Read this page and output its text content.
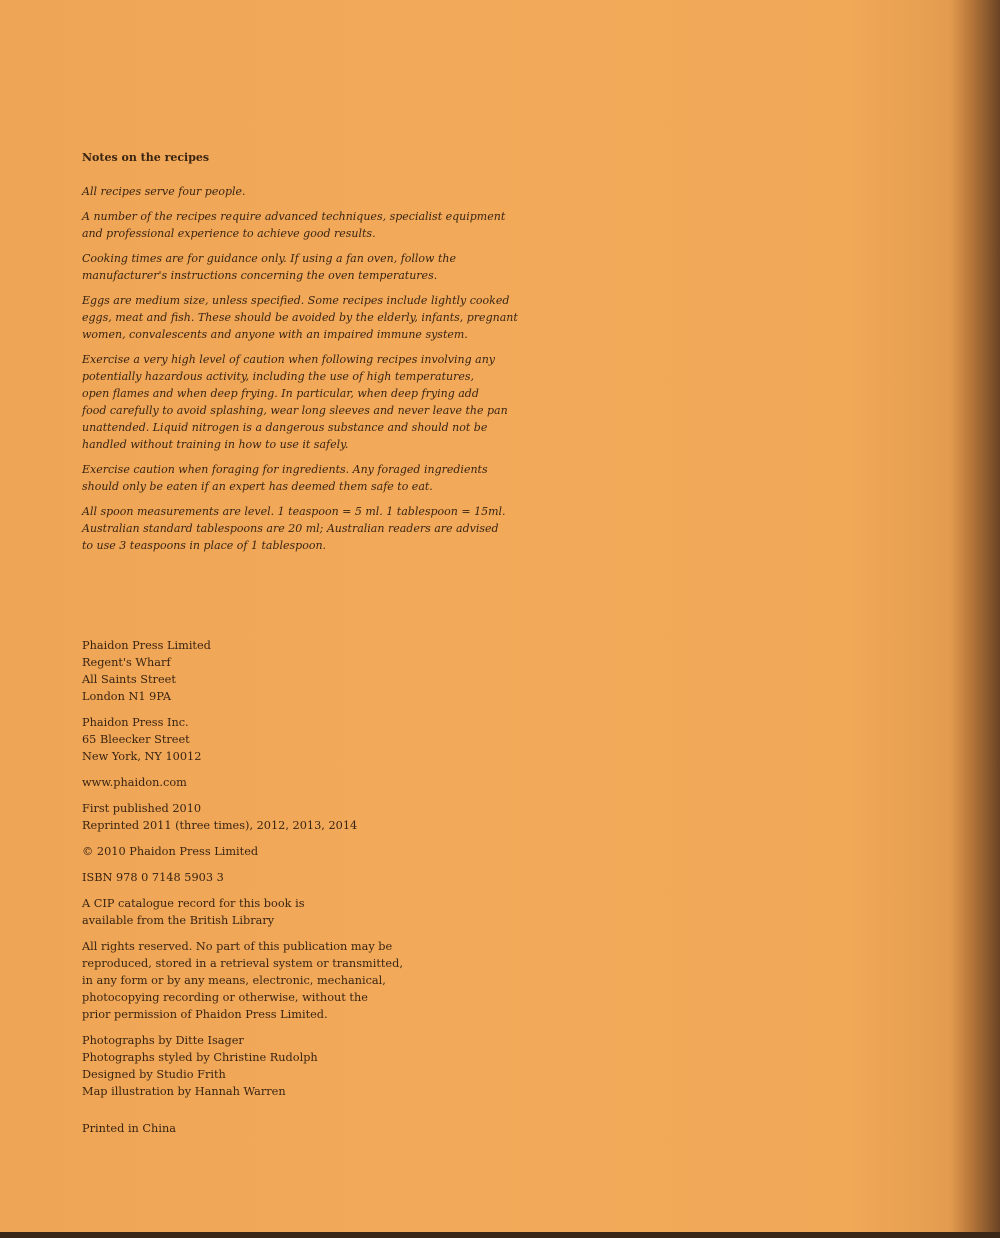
Notes on the recipes
All recipes serve four people.
A number of the recipes require advanced techniques, specialist equipment
and professional experience to achieve good results.
Cooking times are for guidance only. If using a fan oven, follow the
manufacturer's instructions concerning the oven temperatures.
Eggs are medium size, unless specified. Some recipes include lightly cooked
eggs, meat and fish. These should be avoided by the elderly, infants, pregnant
women, convalescents and anyone with an impaired immune system.
Exercise a very high level of caution when following recipes involving any
potentially hazardous activity, including the use of high temperatures,
open flames and when deep frying. In particular, when deep frying add
food carefully to avoid splashing, wear long sleeves and never leave the pan
unattended. Liquid nitrogen is a dangerous substance and should not be
handled without training in how to use it safely.
Exercise caution when foraging for ingredients. Any foraged ingredients
should only be eaten if an expert has deemed them safe to eat.
All spoon measurements are level. 1 teaspoon = 5 ml. 1 tablespoon = 15ml.
Australian standard tablespoons are 20 ml; Australian readers are advised
to use 3 teaspoons in place of 1 tablespoon.
Phaidon Press Limited
Regent's Wharf
All Saints Street
London N1 9PA
Phaidon Press Inc.
65 Bleecker Street
New York, NY 10012
www.phaidon.com
First published 2010
Reprinted 2011 (three times), 2012, 2013, 2014
© 2010 Phaidon Press Limited
ISBN 978 0 7148 5903 3
A CIP catalogue record for this book is
available from the British Library
All rights reserved. No part of this publication may be
reproduced, stored in a retrieval system or transmitted,
in any form or by any means, electronic, mechanical,
photocopying recording or otherwise, without the
prior permission of Phaidon Press Limited.
Photographs by Ditte Isager
Photographs styled by Christine Rudolph
Designed by Studio Frith
Map illustration by Hannah Warren
Printed in China
